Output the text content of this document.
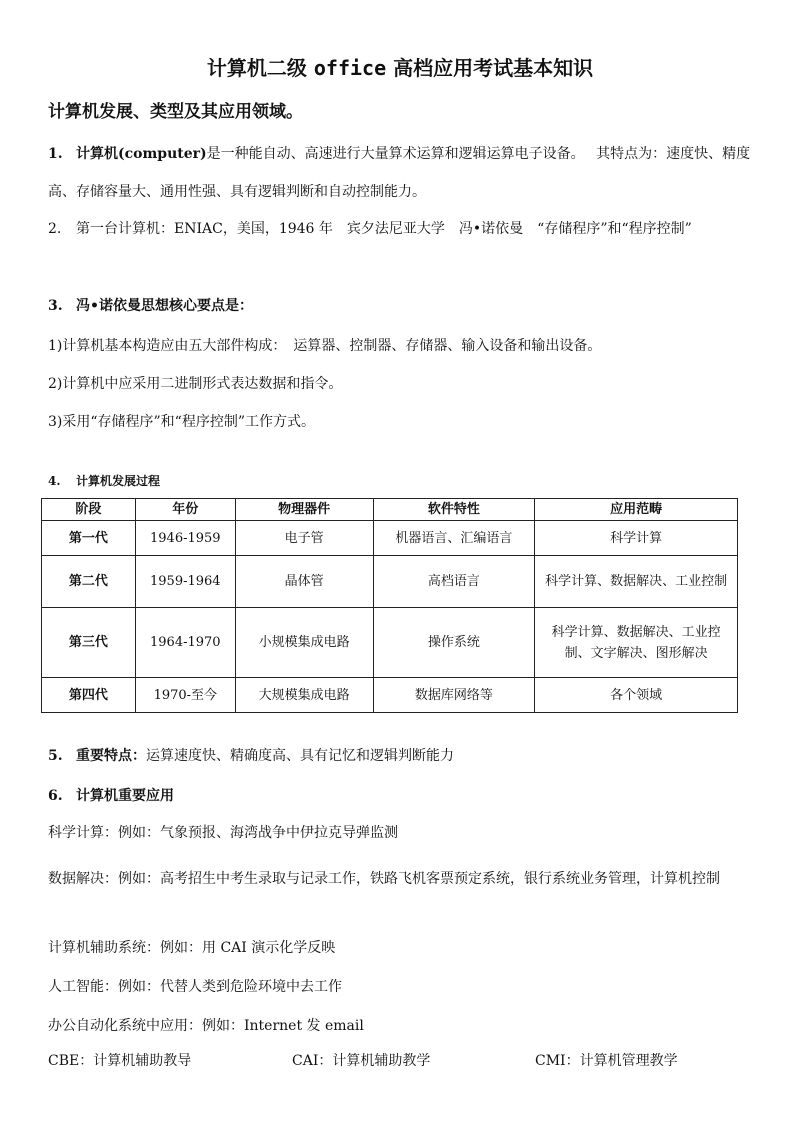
计算机二级 office 高档应用考试基本知识
计算机发展、类型及其应用领域。
1. 计算机(computer)是一种能自动、高速进行大量算术运算和逻辑运算电子设备。　 其特点为：速度快、精度高、存储容量大、通用性强、具有逻辑判断和自动控制能力。
2. 第一台计算机：ENIAC，美国，1946 年　宾夕法尼亚大学　冯•诺依曼　“存储程序”和“程序控制”
3. 冯•诺依曼思想核心要点是：
1)计算机基本构造应由五大部件构成：　运算器、控制器、存储器、输入设备和输出设备。
2)计算机中应采用二进制形式表达数据和指令。
3)采用“存储程序”和“程序控制”工作方式。
4. 计算机发展过程
阶段	年份	物理器件	软件特性	应用范畴
第一代	1946-1959	电子管	机器语言、汇编语言	科学计算
第二代	1959-1964	晶体管	高档语言	科学计算、数据解决、工业控制
第三代	1964-1970	小规模集成电路	操作系统	科学计算、数据解决、工业控制、文字解决、图形解决
第四代	1970-至今	大规模集成电路	数据库网络等	各个领域
5. 重要特点：运算速度快、精确度高、具有记忆和逻辑判断能力
6. 计算机重要应用
科学计算：例如：气象预报、海湾战争中伊拉克导弹监测
数据解决：例如：高考招生中考生录取与记录工作，铁路飞机客票预定系统，银行系统业务管理，计算机控制
计算机辅助系统：例如：用 CAI 演示化学反映
人工智能：例如：代替人类到危险环境中去工作
办公自动化系统中应用：例如：Internet 发 email
CBE：计算机辅助教导	CAI：计算机辅助教学	CMI：计算机管理教学
